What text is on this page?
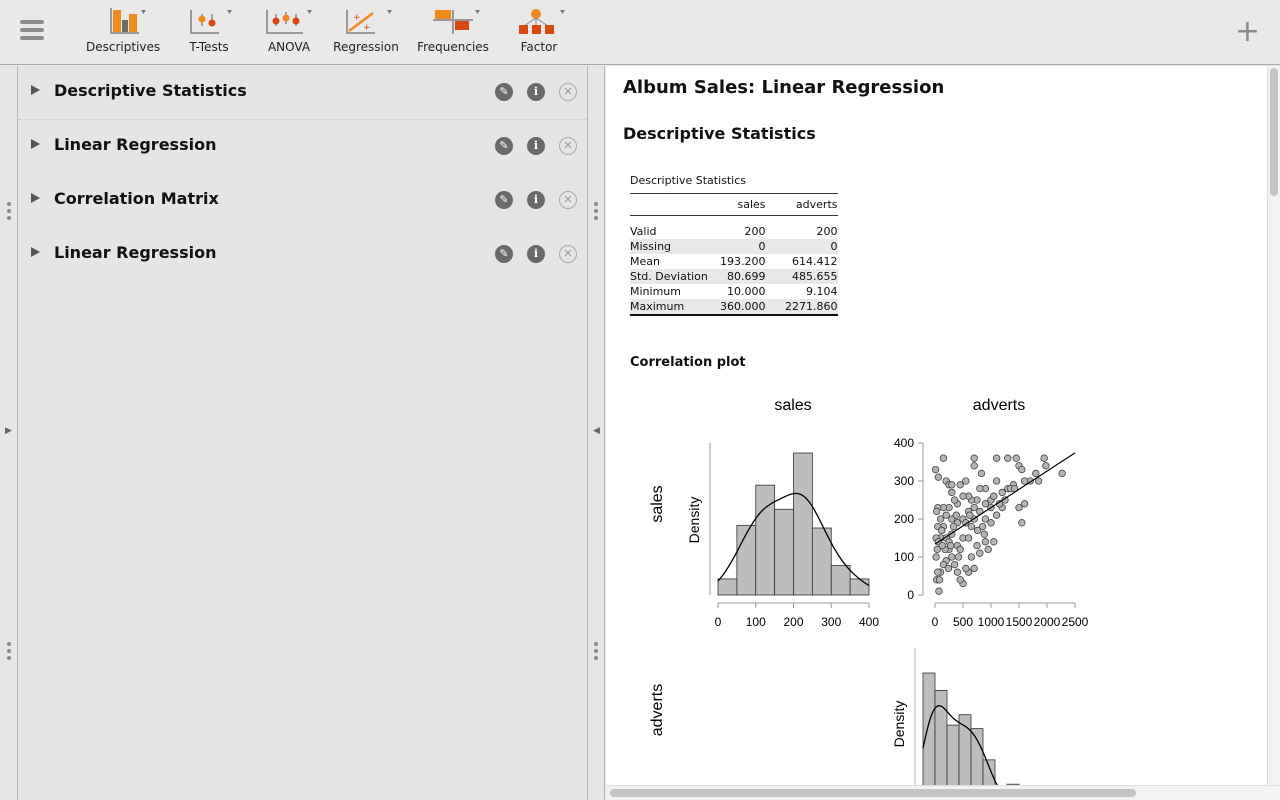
Descriptives	T-Tests	ANOVA
+
+
Regression Frequencies	Factor	+
▶
Descriptive Statistics	✎	i	✕
Linear Regression	✎	i	✕
Correlation Matrix	✎	i	✕
Linear Regression	✎	i	✕
◀
Album Sales: Linear Regression
Descriptive Statistics
Descriptive Statistics
	sales	adverts
Valid	200	200
Missing	0	0
Mean	193.200	614.412
Std. Deviation	80.699	485.655
Minimum	10.000	9.104
Maximum	360.000	2271.860
Correlation plot
sales	adverts
sales
adverts
Density
0 100 200 300 400
0
100
200
300
400
0 500 1000 1500 2000 2500
Density
